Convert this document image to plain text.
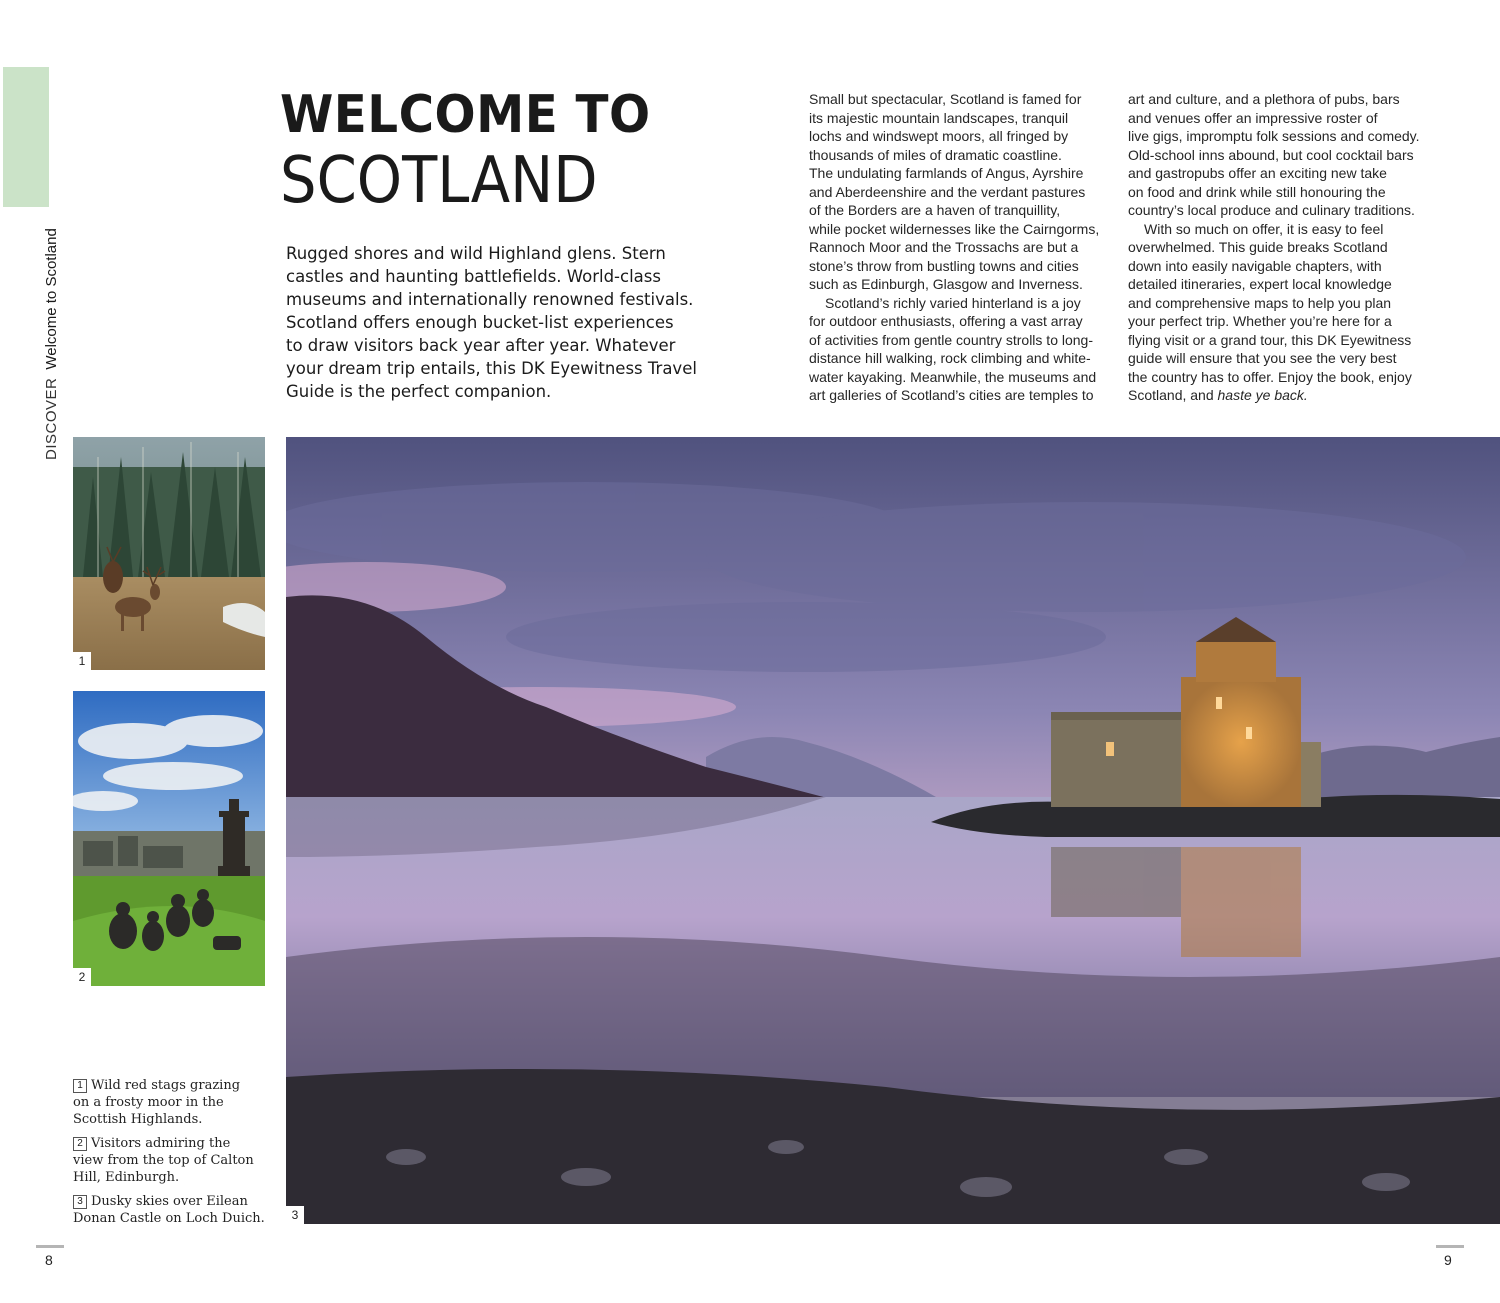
DISCOVERWelcome to Scotland
WELCOME TO
SCOTLAND
Rugged shores and wild Highland glens. Stern
castles and haunting battlefields. World-class
museums and internationally renowned festivals.
Scotland offers enough bucket-list experiences
to draw visitors back year after year. Whatever
your dream trip entails, this DK Eyewitness Travel
Guide is the perfect companion.
Small but spectacular, Scotland is famed for
its majestic mountain landscapes, tranquil
lochs and windswept moors, all fringed by
thousands of miles of dramatic coastline.
The undulating farmlands of Angus, Ayrshire
and Aberdeenshire and the verdant pastures
of the Borders are a haven of tranquillity,
while pocket wildernesses like the Cairngorms,
Rannoch Moor and the Trossachs are but a
stone’s throw from bustling towns and cities
such as Edinburgh, Glasgow and Inverness.
Scotland’s richly varied hinterland is a joy
for outdoor enthusiasts, offering a vast array
of activities from gentle country strolls to long-
distance hill walking, rock climbing and white-
water kayaking. Meanwhile, the museums and
art galleries of Scotland’s cities are temples to
art and culture, and a plethora of pubs, bars
and venues offer an impressive roster of
live gigs, impromptu folk sessions and comedy.
Old-school inns abound, but cool cocktail bars
and gastropubs offer an exciting new take
on food and drink while still honouring the
country’s local produce and culinary traditions.
With so much on offer, it is easy to feel
overwhelmed. This guide breaks Scotland
down into easily navigable chapters, with
detailed itineraries, expert local knowledge
and comprehensive maps to help you plan
your perfect trip. Whether you’re here for a
flying visit or a grand tour, this DK Eyewitness
guide will ensure that you see the very best
the country has to offer. Enjoy the book, enjoy
Scotland, and haste ye back.
1
2
3
1 Wild red stags grazing
on a frosty moor in the
Scottish Highlands.
2 Visitors admiring the
view from the top of Calton
Hill, Edinburgh.
3 Dusky skies over Eilean
Donan Castle on Loch Duich.
8	9
